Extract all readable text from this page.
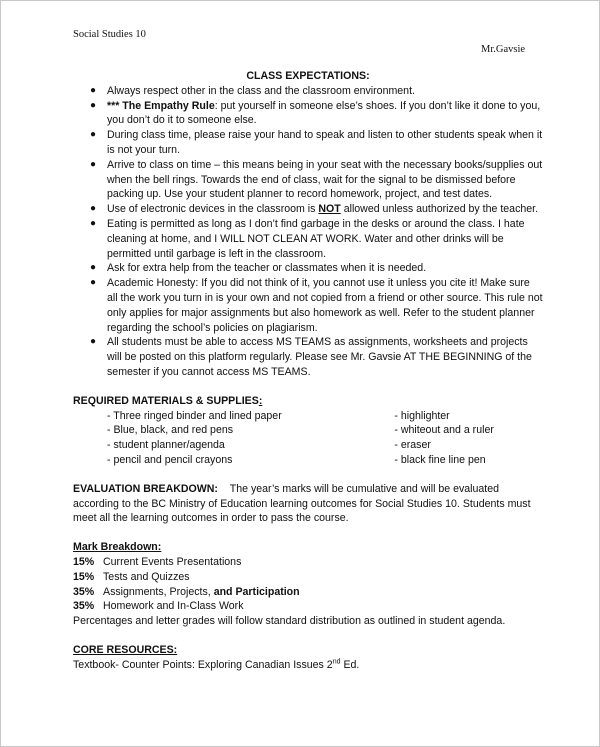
Social Studies 10
Mr.Gavsie

CLASS EXPECTATIONS:

● Always respect other in the class and the classroom environment.
● *** The Empathy Rule: put yourself in someone else’s shoes. If you don’t like it done to you, you don’t do it to someone else.
● During class time, please raise your hand to speak and listen to other students speak when it is not your turn.
● Arrive to class on time – this means being in your seat with the necessary books/supplies out when the bell rings. Towards the end of class, wait for the signal to be dismissed before packing up. Use your student planner to record homework, project, and test dates.
● Use of electronic devices in the classroom is NOT allowed unless authorized by the teacher.
● Eating is permitted as long as I don’t find garbage in the desks or around the class. I hate cleaning at home, and I WILL NOT CLEAN AT WORK. Water and other drinks will be permitted until garbage is left in the classroom.
● Ask for extra help from the teacher or classmates when it is needed.
● Academic Honesty: If you did not think of it, you cannot use it unless you cite it! Make sure all the work you turn in is your own and not copied from a friend or other source. This rule not only applies for major assignments but also homework as well. Refer to the student planner regarding the school’s policies on plagiarism.
● All students must be able to access MS TEAMS as assignments, worksheets and projects will be posted on this platform regularly. Please see Mr. Gavsie AT THE BEGINNING of the semester if you cannot access MS TEAMS.

REQUIRED MATERIALS & SUPPLIES:

- Three ringed binder and lined paper
- Blue, black, and red pens
- student planner/agenda
- pencil and pencil crayons
- highlighter
- whiteout and a ruler
- eraser
- black fine line pen

EVALUATION BREAKDOWN: The year’s marks will be cumulative and will be evaluated according to the BC Ministry of Education learning outcomes for Social Studies 10. Students must meet all the learning outcomes in order to pass the course.

Mark Breakdown:

15% Current Events Presentations
15% Tests and Quizzes
35% Assignments, Projects, and Participation
35% Homework and In-Class Work

Percentages and letter grades will follow standard distribution as outlined in student agenda.

CORE RESOURCES:

Textbook- Counter Points: Exploring Canadian Issues 2nd Ed.
